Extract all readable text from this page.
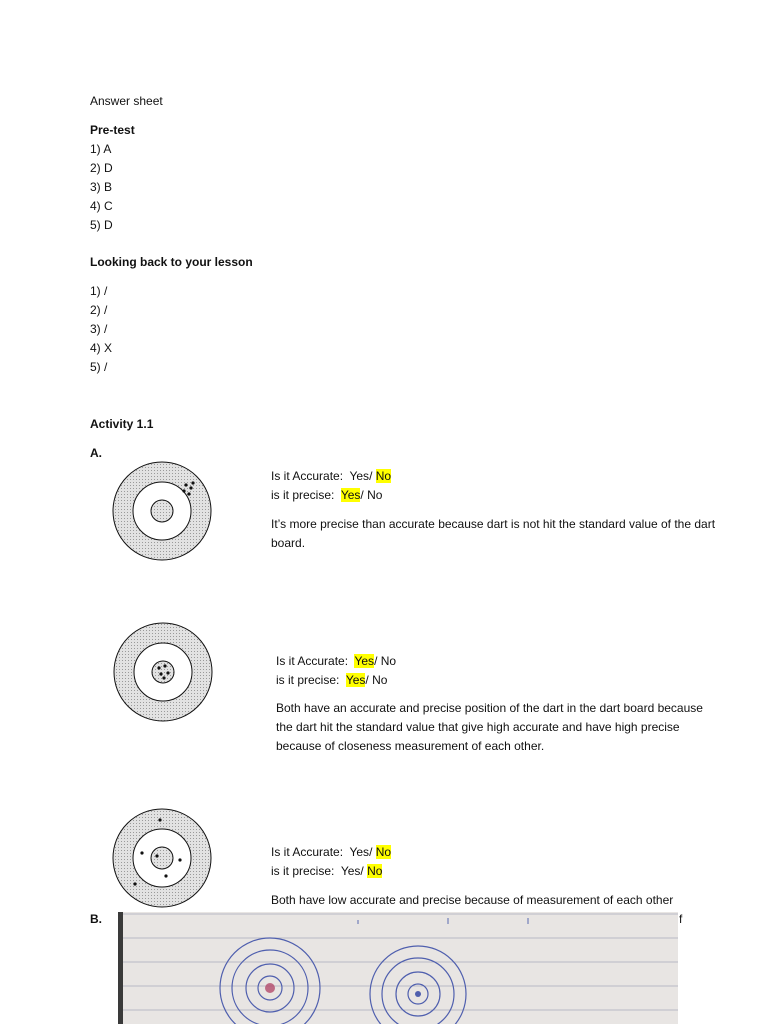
Answer sheet
Pre-test
1) A
2) D
3) B
4) C
5) D
Looking back to your lesson
1) /
2) /
3) /
4) X
5) /
Activity 1.1
A.
Is it Accurate: Yes/ No
is it precise: Yes/ No
It’s more precise than accurate because dart is not hit the standard value of the dart board.
Is it Accurate: Yes/ No
is it precise: Yes/ No
Both have an accurate and precise position of the dart in the dart board because the dart hit the standard value that give high accurate and have high precise because of closeness measurement of each other.
Is it Accurate: Yes/ No
is it precise: Yes/ No
Both have low accurate and precise because of measurement of each other
B.	f
